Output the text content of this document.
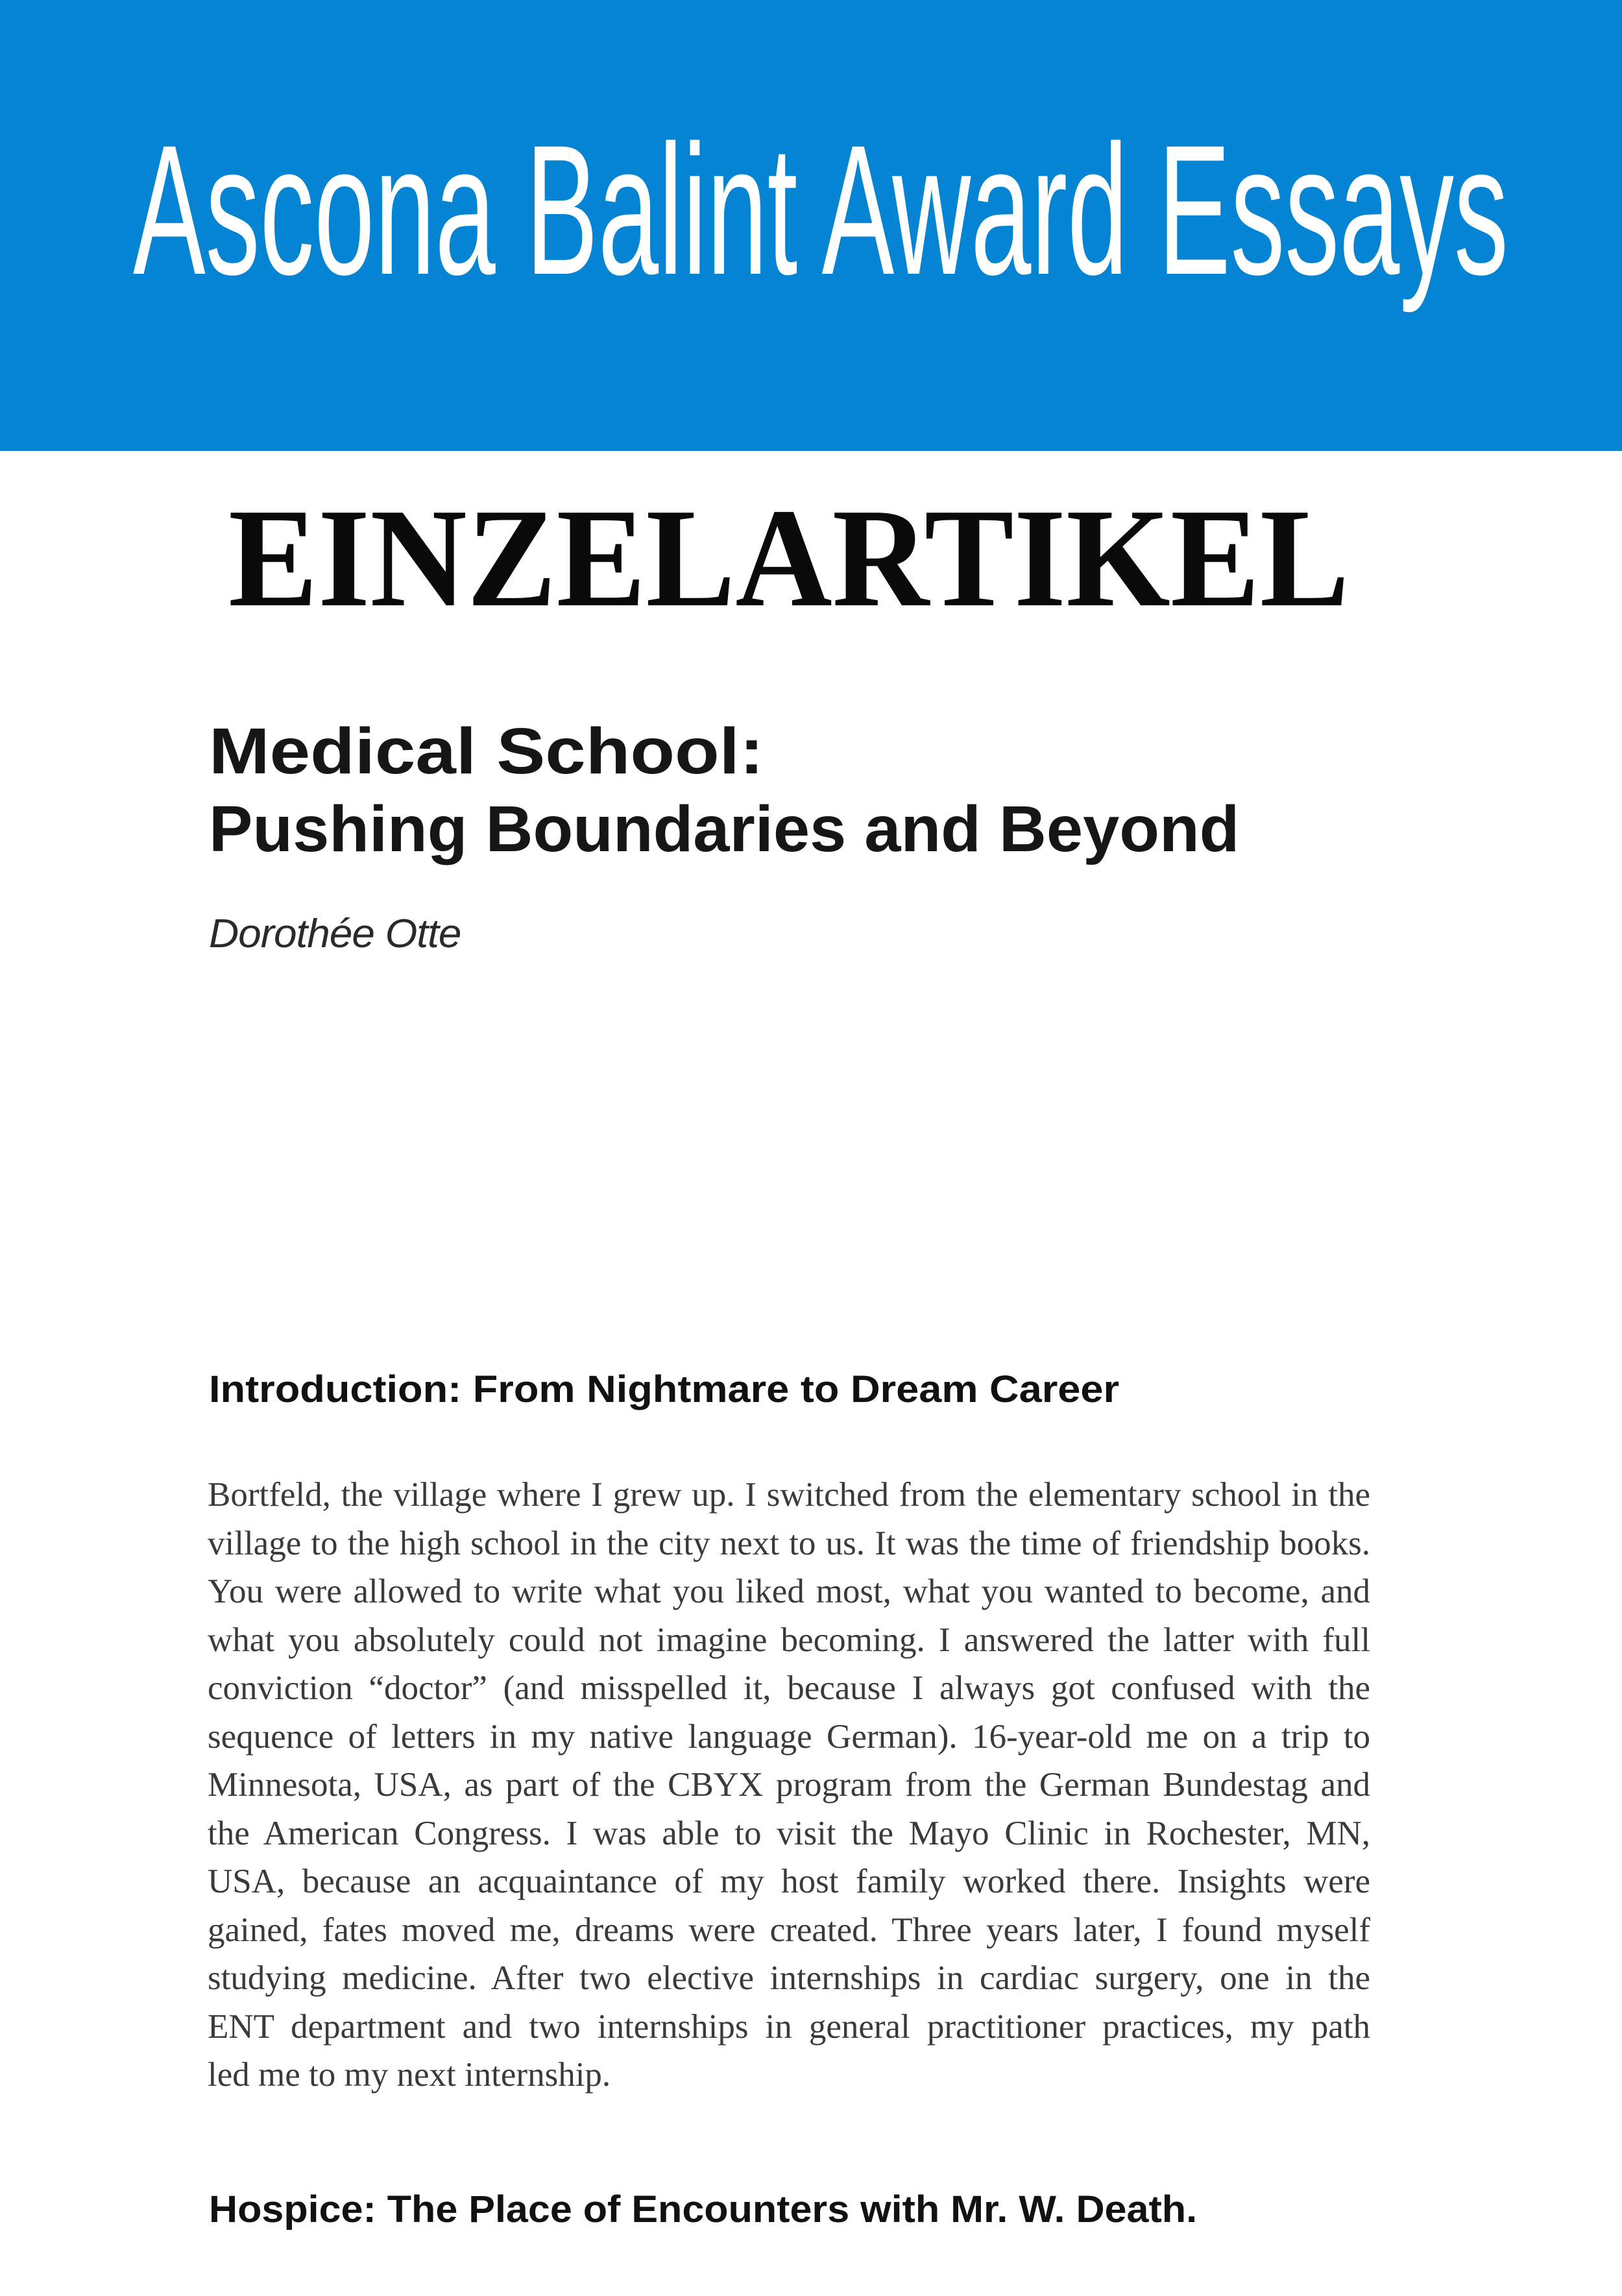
Ascona Balint Award Essays
EINZELARTIKEL
Medical School:
Pushing Boundaries and Beyond
Dorothée Otte
Introduction: From Nightmare to Dream Career
Bortfeld, the village where I grew up. I switched from the elementary school in the
village to the high school in the city next to us. It was the time of friendship books.
You were allowed to write what you liked most, what you wanted to become, and
what you absolutely could not imagine becoming. I answered the latter with full
conviction “doctor” (and misspelled it, because I always got confused with the
sequence of letters in my native language German). 16-year-old me on a trip to
Minnesota, USA, as part of the CBYX program from the German Bundestag and
the American Congress. I was able to visit the Mayo Clinic in Rochester, MN,
USA, because an acquaintance of my host family worked there. Insights were
gained, fates moved me, dreams were created. Three years later, I found myself
studying medicine. After two elective internships in cardiac surgery, one in the
ENT department and two internships in general practitioner practices, my path
led me to my next internship.
Hospice: The Place of Encounters with Mr. W. Death.
